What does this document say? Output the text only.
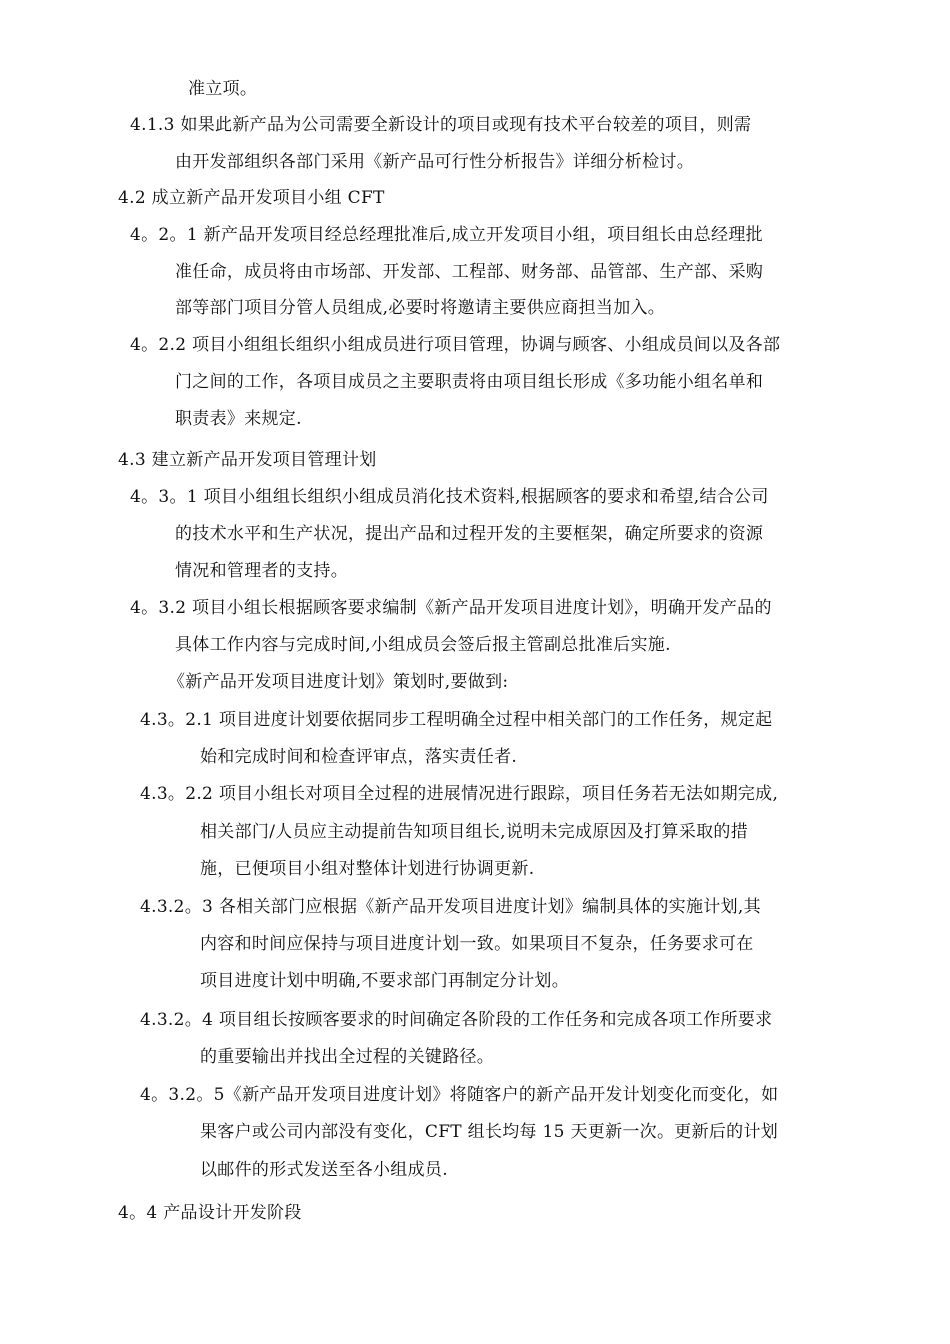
准立项。
4.1.3 如果此新产品为公司需要全新设计的项目或现有技术平台较差的项目，则需
由开发部组织各部门采用《新产品可行性分析报告》详细分析检讨。
4.2 成立新产品开发项目小组 CFT
4。2。1 新产品开发项目经总经理批准后,成立开发项目小组，项目组长由总经理批
准任命，成员将由市场部、开发部、工程部、财务部、品管部、生产部、采购
部等部门项目分管人员组成,必要时将邀请主要供应商担当加入。
4。2.2 项目小组组长组织小组成员进行项目管理，协调与顾客、小组成员间以及各部
门之间的工作，各项目成员之主要职责将由项目组长形成《多功能小组名单和
职责表》来规定.
4.3 建立新产品开发项目管理计划
4。3。1 项目小组组长组织小组成员消化技术资料,根据顾客的要求和希望,结合公司
的技术水平和生产状况，提出产品和过程开发的主要框架，确定所要求的资源
情况和管理者的支持。
4。3.2 项目小组长根据顾客要求编制《新产品开发项目进度计划》，明确开发产品的
具体工作内容与完成时间,小组成员会签后报主管副总批准后实施.
《新产品开发项目进度计划》策划时,要做到:
4.3。2.1 项目进度计划要依据同步工程明确全过程中相关部门的工作任务，规定起
始和完成时间和检查评审点，落实责任者.
4.3。2.2 项目小组长对项目全过程的进展情况进行跟踪，项目任务若无法如期完成,
相关部门/人员应主动提前告知项目组长,说明未完成原因及打算采取的措
施，已便项目小组对整体计划进行协调更新.
4.3.2。3 各相关部门应根据《新产品开发项目进度计划》编制具体的实施计划,其
内容和时间应保持与项目进度计划一致。如果项目不复杂，任务要求可在
项目进度计划中明确,不要求部门再制定分计划。
4.3.2。4 项目组长按顾客要求的时间确定各阶段的工作任务和完成各项工作所要求
的重要输出并找出全过程的关键路径。
4。3.2。5《新产品开发项目进度计划》将随客户的新产品开发计划变化而变化，如
果客户或公司内部没有变化，CFT 组长均每 15 天更新一次。更新后的计划
以邮件的形式发送至各小组成员.
4。4 产品设计开发阶段
